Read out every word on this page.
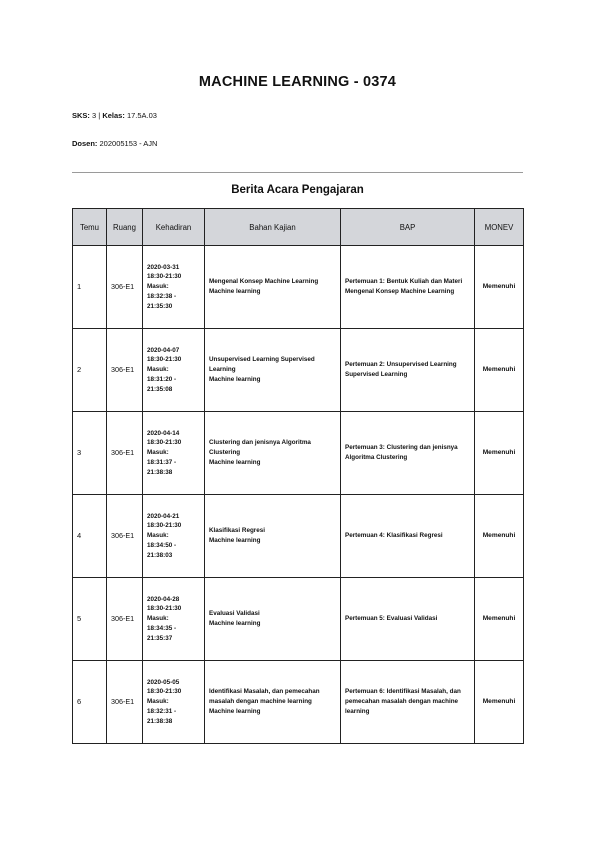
MACHINE LEARNING - 0374
SKS: 3 | Kelas: 17.5A.03
Dosen: 202005153 - AJN
Berita Acara Pengajaran
Temu	Ruang	Kehadiran	Bahan Kajian	BAP	MONEV
1	306-E1	2020-03-31
18:30-21:30
Masuk:
18:32:38 -
21:35:30	Mengenal Konsep Machine Learning
Machine learning	Pertemuan 1: Bentuk Kuliah dan Materi Mengenal Konsep Machine Learning	Memenuhi
2	306-E1	2020-04-07
18:30-21:30
Masuk:
18:31:20 -
21:35:08	Unsupervised Learning Supervised Learning
Machine learning	Pertemuan 2: Unsupervised Learning Supervised Learning	Memenuhi
3	306-E1	2020-04-14
18:30-21:30
Masuk:
18:31:37 -
21:38:38	Clustering dan jenisnya Algoritma Clustering
Machine learning	Pertemuan 3: Clustering dan jenisnya Algoritma Clustering	Memenuhi
4	306-E1	2020-04-21
18:30-21:30
Masuk:
18:34:50 -
21:38:03	Klasifikasi Regresi
Machine learning	Pertemuan 4: Klasifikasi Regresi	Memenuhi
5	306-E1	2020-04-28
18:30-21:30
Masuk:
18:34:35 -
21:35:37	Evaluasi Validasi
Machine learning	Pertemuan 5: Evaluasi Validasi	Memenuhi
6	306-E1	2020-05-05
18:30-21:30
Masuk:
18:32:31 -
21:38:38	Identifikasi Masalah, dan pemecahan masalah dengan machine learning
Machine learning	Pertemuan 6: Identifikasi Masalah, dan pemecahan masalah dengan machine learning	Memenuhi
